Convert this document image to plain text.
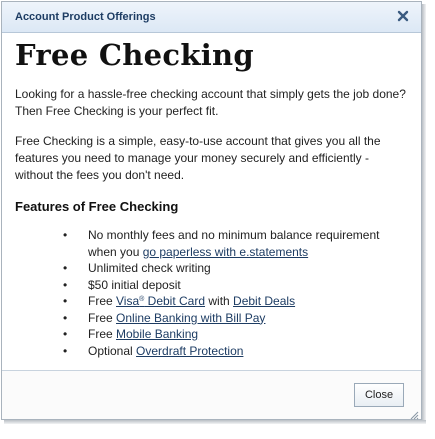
Account Product Offerings
Free Checking

Looking for a hassle-free checking account that simply gets the job done? Then Free Checking is your perfect fit.

Free Checking is a simple, easy-to-use account that gives you all the features you need to manage your money securely and efficiently - without the fees you don't need.

Features of Free Checking
• No monthly fees and no minimum balance requirement when you go paperless with e.statements
• Unlimited check writing
• $50 initial deposit
• Free Visa® Debit Card with Debit Deals
• Free Online Banking with Bill Pay
• Free Mobile Banking
• Optional Overdraft Protection
Close
